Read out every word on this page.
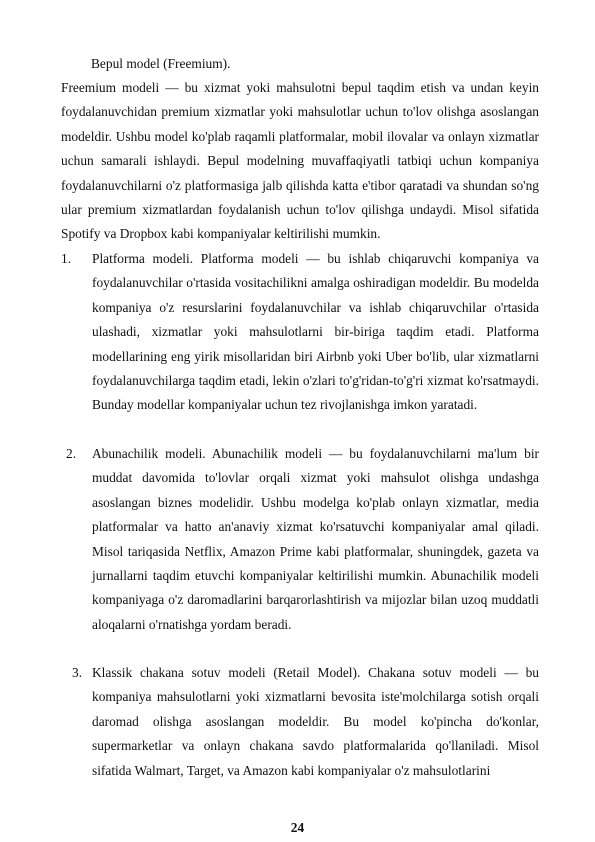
Bepul model (Freemium).

Freemium modeli — bu xizmat yoki mahsulotni bepul taqdim etish va undan keyin foydalanuvchidan premium xizmatlar yoki mahsulotlar uchun to'lov olishga asoslangan modeldir. Ushbu model ko'plab raqamli platformalar, mobil ilovalar va onlayn xizmatlar uchun samarali ishlaydi. Bepul modelning muvaffaqiyatli tatbiqi uchun kompaniya foydalanuvchilarni o'z platformasiga jalb qilishda katta e'tibor qaratadi va shundan so'ng ular premium xizmatlardan foydalanish uchun to'lov qilishga undaydi. Misol sifatida Spotify va Dropbox kabi kompaniyalar keltirilishi mumkin.

1. Platforma modeli. Platforma modeli — bu ishlab chiqaruvchi kompaniya va foydalanuvchilar o'rtasida vositachilikni amalga oshiradigan modeldir. Bu modelda kompaniya o'z resurslarini foydalanuvchilar va ishlab chiqaruvchilar o'rtasida ulashadi, xizmatlar yoki mahsulotlarni bir-biriga taqdim etadi. Platforma modellarining eng yirik misollaridan biri Airbnb yoki Uber bo'lib, ular xizmatlarni foydalanuvchilarga taqdim etadi, lekin o'zlari to'g'ridan-to'g'ri xizmat ko'rsatmaydi. Bunday modellar kompaniyalar uchun tez rivojlanishga imkon yaratadi.

2. Abunachilik modeli. Abunachilik modeli — bu foydalanuvchilarni ma'lum bir muddat davomida to'lovlar orqali xizmat yoki mahsulot olishga undashga asoslangan biznes modelidir. Ushbu modelga ko'plab onlayn xizmatlar, media platformalar va hatto an'anaviy xizmat ko'rsatuvchi kompaniyalar amal qiladi. Misol tariqasida Netflix, Amazon Prime kabi platformalar, shuningdek, gazeta va jurnallarni taqdim etuvchi kompaniyalar keltirilishi mumkin. Abunachilik modeli kompaniyaga o'z daromadlarini barqarorlashtirish va mijozlar bilan uzoq muddatli aloqalarni o'rnatishga yordam beradi.

3. Klassik chakana sotuv modeli (Retail Model). Chakana sotuv modeli — bu kompaniya mahsulotlarni yoki xizmatlarni bevosita iste'molchilarga sotish orqali daromad olishga asoslangan modeldir. Bu model ko'pincha do'konlar, supermarketlar va onlayn chakana savdo platformalarida qo'llaniladi. Misol sifatida Walmart, Target, va Amazon kabi kompaniyalar o'z mahsulotlarini

24
